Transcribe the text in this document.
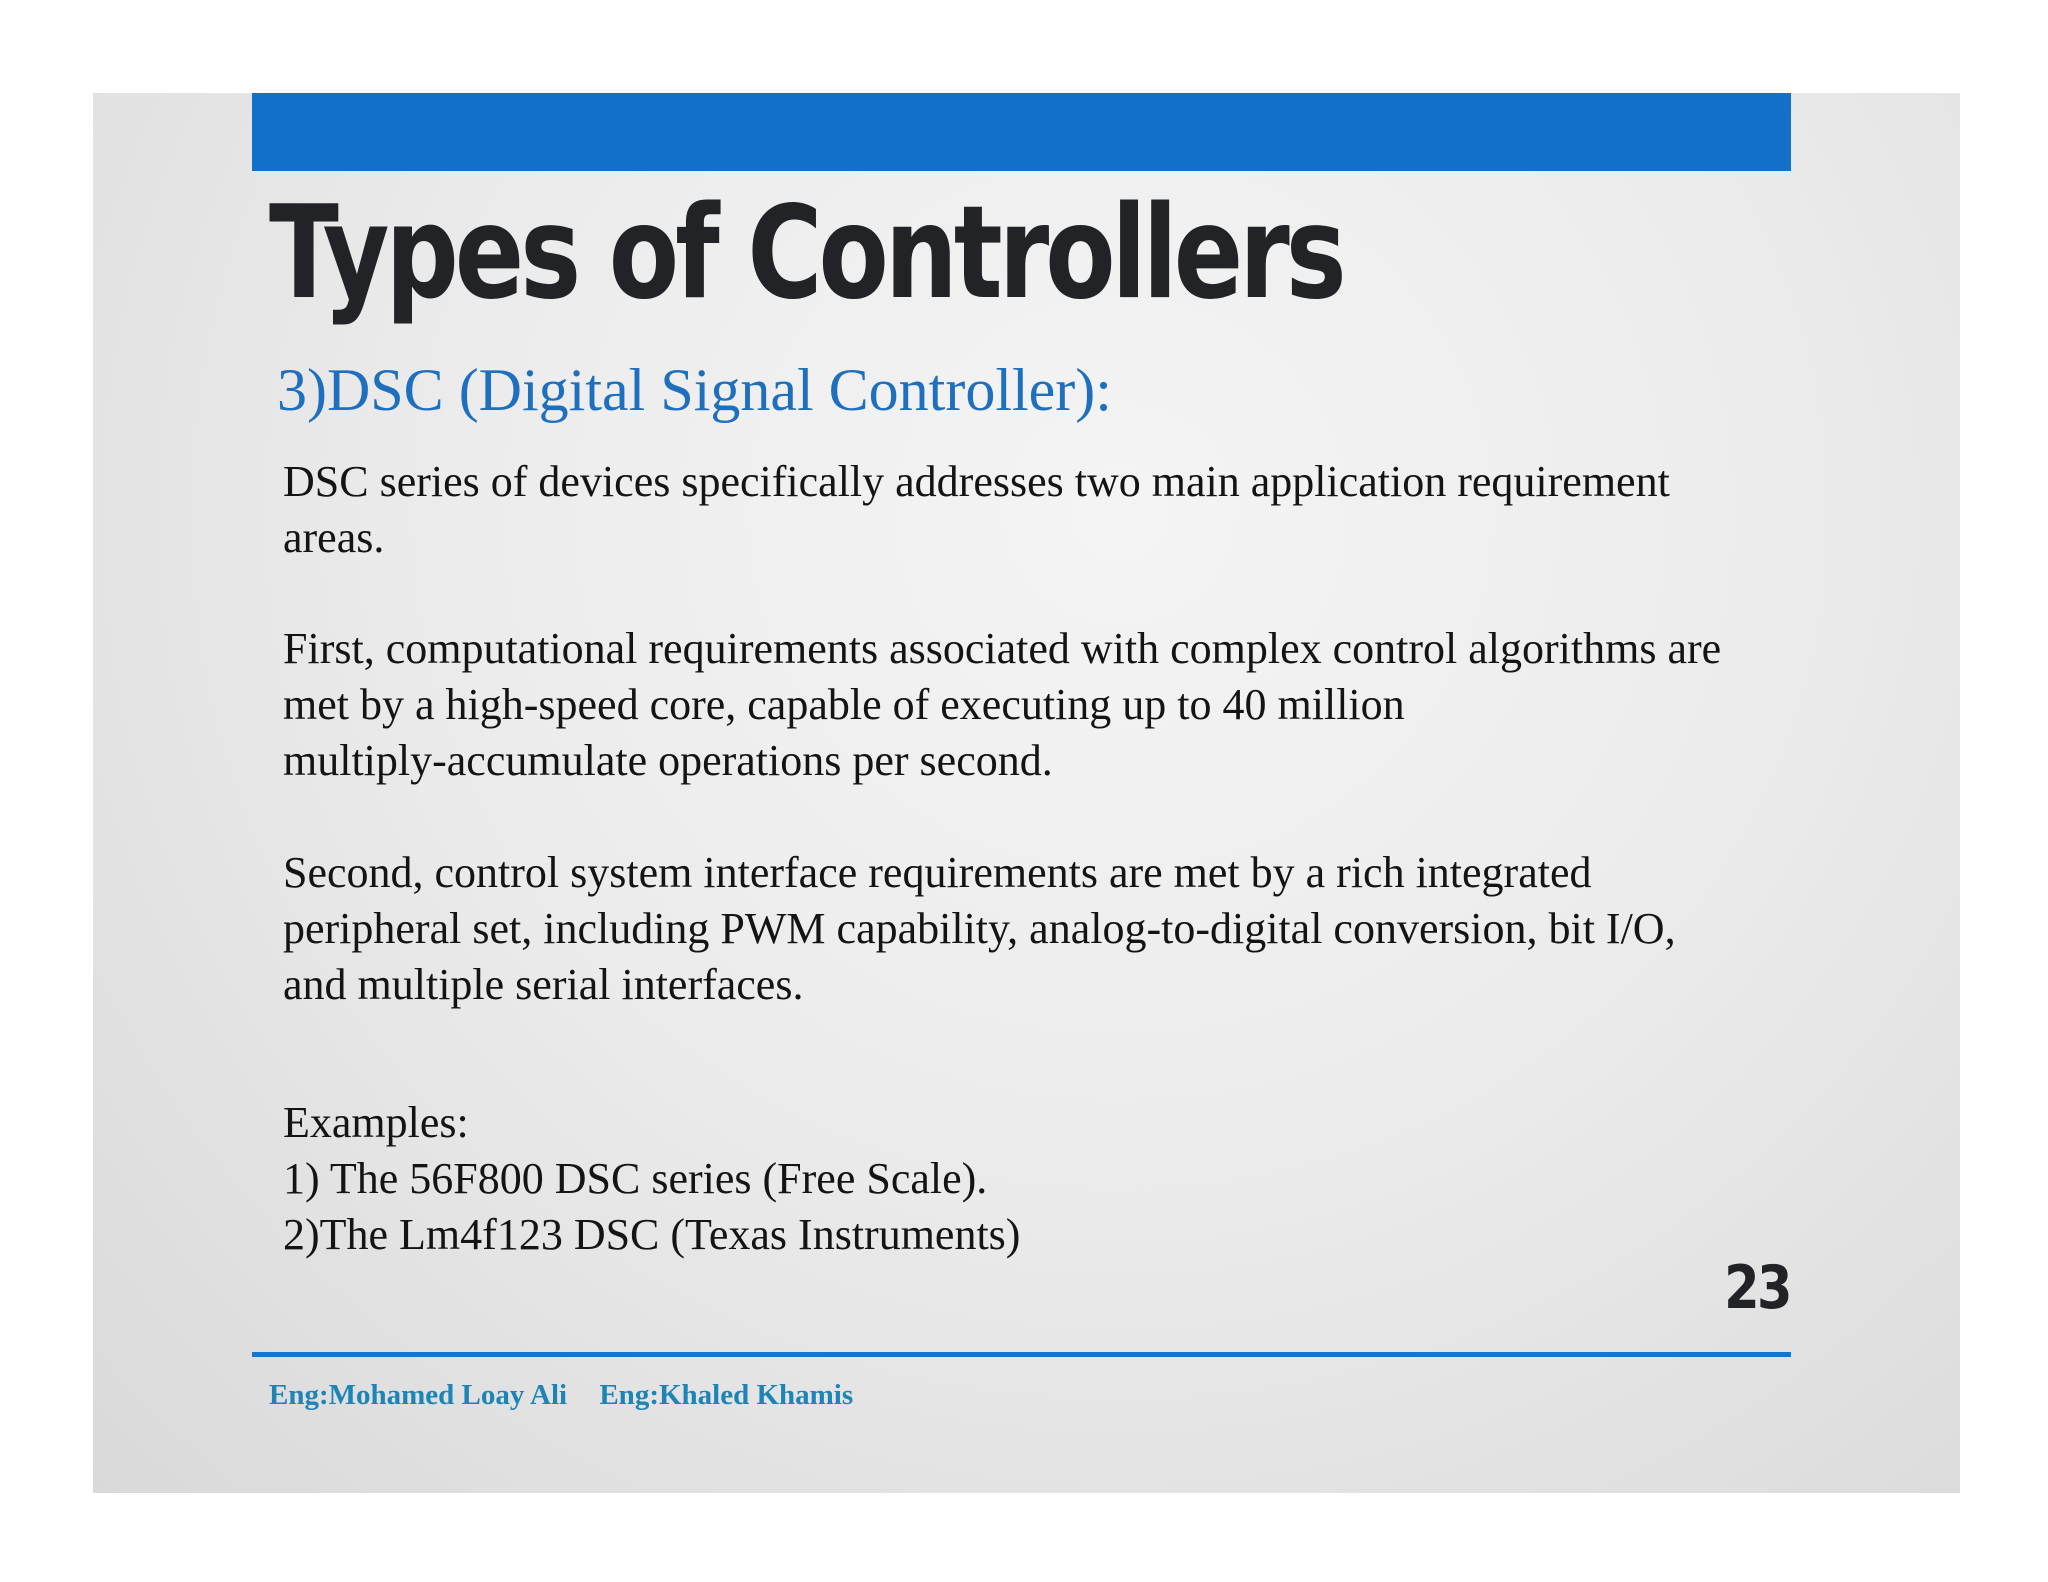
Types of Controllers
3)DSC (Digital Signal Controller):

DSC series of devices specifically addresses two main application requirement
areas.

First, computational requirements associated with complex control algorithms are
met by a high-speed core, capable of executing up to 40 million
multiply-accumulate operations per second.

Second, control system interface requirements are met by a rich integrated
peripheral set, including PWM capability, analog-to-digital conversion, bit I/O,
and multiple serial interfaces.

Examples:
1) The 56F800 DSC series (Free Scale).
2)The Lm4f123 DSC (Texas Instruments)
23
Eng:Mohamed Loay Ali Eng:Khaled Khamis
